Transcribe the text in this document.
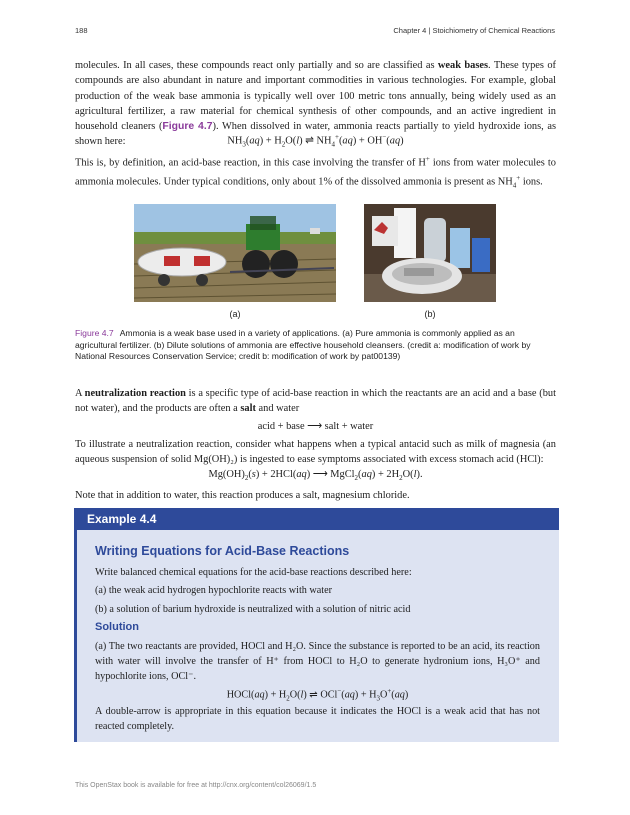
188	Chapter 4 | Stoichiometry of Chemical Reactions
molecules. In all cases, these compounds react only partially and so are classified as weak bases. These types of compounds are also abundant in nature and important commodities in various technologies. For example, global production of the weak base ammonia is typically well over 100 metric tons annually, being widely used as an agricultural fertilizer, a raw material for chemical synthesis of other compounds, and an active ingredient in household cleaners (Figure 4.7). When dissolved in water, ammonia reacts partially to yield hydroxide ions, as shown here:	$NH_3(aq) + H_2O(l)$ ⇌ $NH_4^+(aq) + OH^-(aq)$
This is, by definition, an acid-base reaction, in this case involving the transfer of H+ ions from water molecules to ammonia molecules. Under typical conditions, only about 1% of the dissolved ammonia is present as $NH_4^+$ ions.
(a)	(b)
Figure 4.7 Ammonia is a weak base used in a variety of applications. (a) Pure ammonia is commonly applied as an agricultural fertilizer. (b) Dilute solutions of ammonia are effective household cleansers. (credit a: modification of work by National Resources Conservation Service; credit b: modification of work by pat00139)
A neutralization reaction is a specific type of acid-base reaction in which the reactants are an acid and a base (but not water), and the products are often a salt and water
acid + base ⟶ salt + water
To illustrate a neutralization reaction, consider what happens when a typical antacid such as milk of magnesia (an aqueous suspension of solid Mg(OH)₂) is ingested to ease symptoms associated with excess stomach acid (HCl):
$Mg(OH)_2(s) + 2HCl(aq)$ ⟶ MgCl$_2$(aq) + $2H_2O(l)$.
Note that in addition to water, this reaction produces a salt, magnesium chloride.
Example 4.4
Writing Equations for Acid-Base Reactions
Write balanced chemical equations for the acid-base reactions described here:
(a) the weak acid hydrogen hypochlorite reacts with water
(b) a solution of barium hydroxide is neutralized with a solution of nitric acid
Solution
(a) The two reactants are provided, HOCl and H₂O. Since the substance is reported to be an acid, its reaction with water will involve the transfer of H⁺ from HOCl to H₂O to generate hydronium ions, H₃O⁺ and hypochlorite ions, OCl⁻.
HOCl(aq) + $H_2O(l)$ ⇌ $OCl^-(aq) + H_3O^+(aq)$
A double-arrow is appropriate in this equation because it indicates the HOCl is a weak acid that has not reacted completely.
This OpenStax book is available for free at http://cnx.org/content/col26069/1.5
